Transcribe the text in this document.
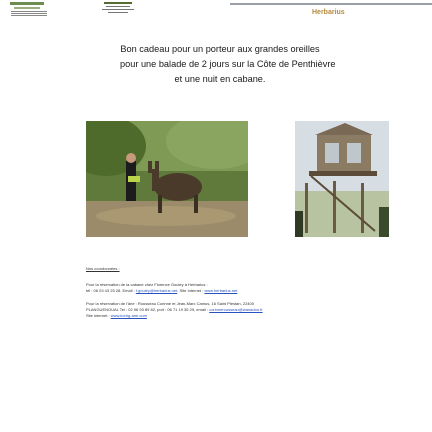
Herbarius
Bon cadeau pour un porteur aux grandes oreilles
pour une balade de 2 jours sur la Côte de Penthièvre
et une nuit en cabane.
Nos coordonnées :
Pour la réservation de la cabane chez Florence Gouley à Herbarius :
tél : 06 03 43 25 28. Email : f.gouley@herbarius.net. Site Internet : www.herbarius.net
Pour la réservation de l'âne : Rousseau Corinne et Jean-Marc Camus, 16 Saint Plestan, 22400
PLANGUENOUAL Tel : 02 96 93 89 82, port : 06 71 19 35 29, email : corinnerousseau@wanadoo.fr
Site internet : www.korrig-ane.com
